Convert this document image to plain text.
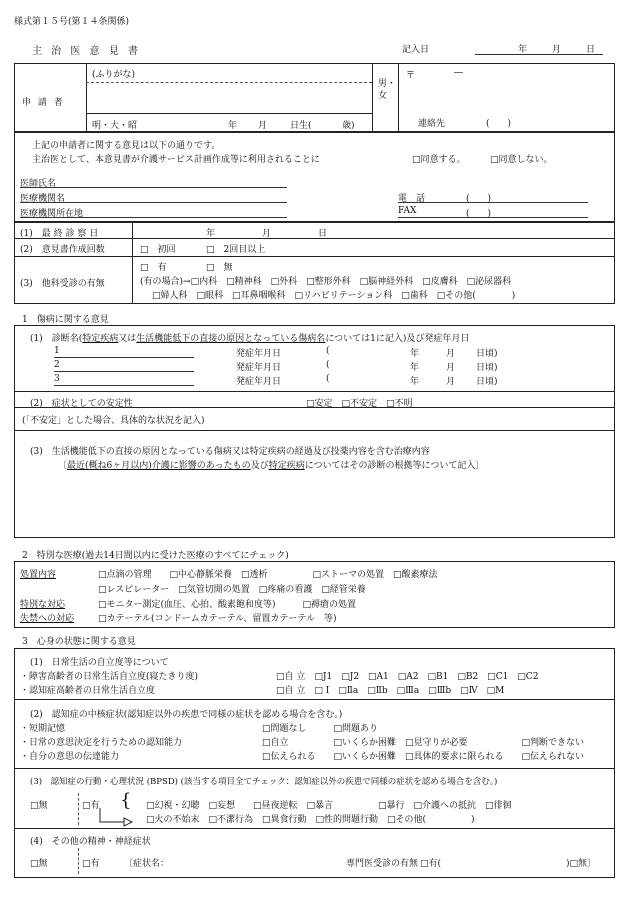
様式第１５号(第１４条関係)
主 治 医 意 見 書	記入日	年	月	日
申 請 者
(ふりがな)
明・大・昭	年 月	日生(	歳)
男・女
〒	―
連絡先	(　　)
上記の申請者に関する意見は以下の通りです。
主治医として、本意見書が介護サービス計画作成等に利用されることに	□同意する。	□同意しない。
医師氏名
医療機関名
医療機関所在地
電　話	(　　)
FAX	(　　)
(1)　最 終 診 察 日	年	月	日
(2)　意見書作成回数	□　初回	□　2回目以上
(3)　他科受診の有無
□　有	□　無
(有の場合)→□内科　□精神科　□外科　□整形外科　□脳神経外科　□皮膚科　□泌尿器科
□婦人科　□眼科　□耳鼻咽喉科　□リハビリテーション科　□歯科　□その他(　　　　)
1　傷病に関する意見
(1)　診断名(特定疾病又は生活機能低下の直接の原因となっている傷病名については1に記入)及び発症年月日
1	発症年月日	(	年	月 日頃)
2	発症年月日	(	年	月 日頃)
3	発症年月日	(	年	月 日頃)
(2)　症状としての安定性	□安定　□不安定　□不明
(「不安定」とした場合、具体的な状況を記入)
(3)　生活機能低下の直接の原因となっている傷病又は特定疾病の経過及び投薬内容を含む治療内容
〔最近(概ね6ヶ月以内)介護に影響のあったもの及び特定疾病についてはその診断の根拠等について記入〕
2　特別な医療(過去14日間以内に受けた医療のすべてにチェック)
処置内容	□点滴の管理　　□中心静脈栄養　□透析　　　　　□ストーマの処置　□酸素療法
□レスピレーター　□気管切開の処置　□疼痛の看護　□経管栄養
特別な対応	□モニター測定(血圧、心拍、酸素飽和度等)　　　□褥瘡の処置
失禁への対応	□カテーテル(コンドームカテーテル、留置カテーテル　等)
3　心身の状態に関する意見
(1)　日常生活の自立度等について
・障害高齢者の日常生活自立度(寝たきり度)	□自 立　□J1　□J2　□A1　□A2　□B1　□B2　□C1　□C2
・認知症高齢者の日常生活自立度	□自 立　□ Ⅰ　□Ⅱa　□Ⅱb　□Ⅲa　□Ⅲb　□Ⅳ　□M
(2)　認知症の中核症状(認知症以外の疾患で同様の症状を認める場合を含む。)
・短期記憶	□問題なし　　　□問題あり
・日常の意思決定を行うための認知能力	□自立　　　　　□いくらか困難　□見守りが必要　　　　　　□判断できない
・自分の意思の伝達能力	□伝えられる　　□いくらか困難　□具体的要求に限られる　　□伝えられない
(3)　認知症の行動・心理状況 (BPSD) (該当する項目全てチェック：認知症以外の疾患で同様の症状を認める場合を含む。)
□無	□有 { □幻視・幻聴　□妄想　　□昼夜逆転　□暴言　　　　　□暴行　□介護への抵抗　□徘徊
□火の不始末　□不潔行為　□異食行動　□性的問題行動　□その他(　　　　　)
(4)　その他の精神・神経症状
□無	□有	〔症状名：	専門医受診の有無 □有(	)□無〕
